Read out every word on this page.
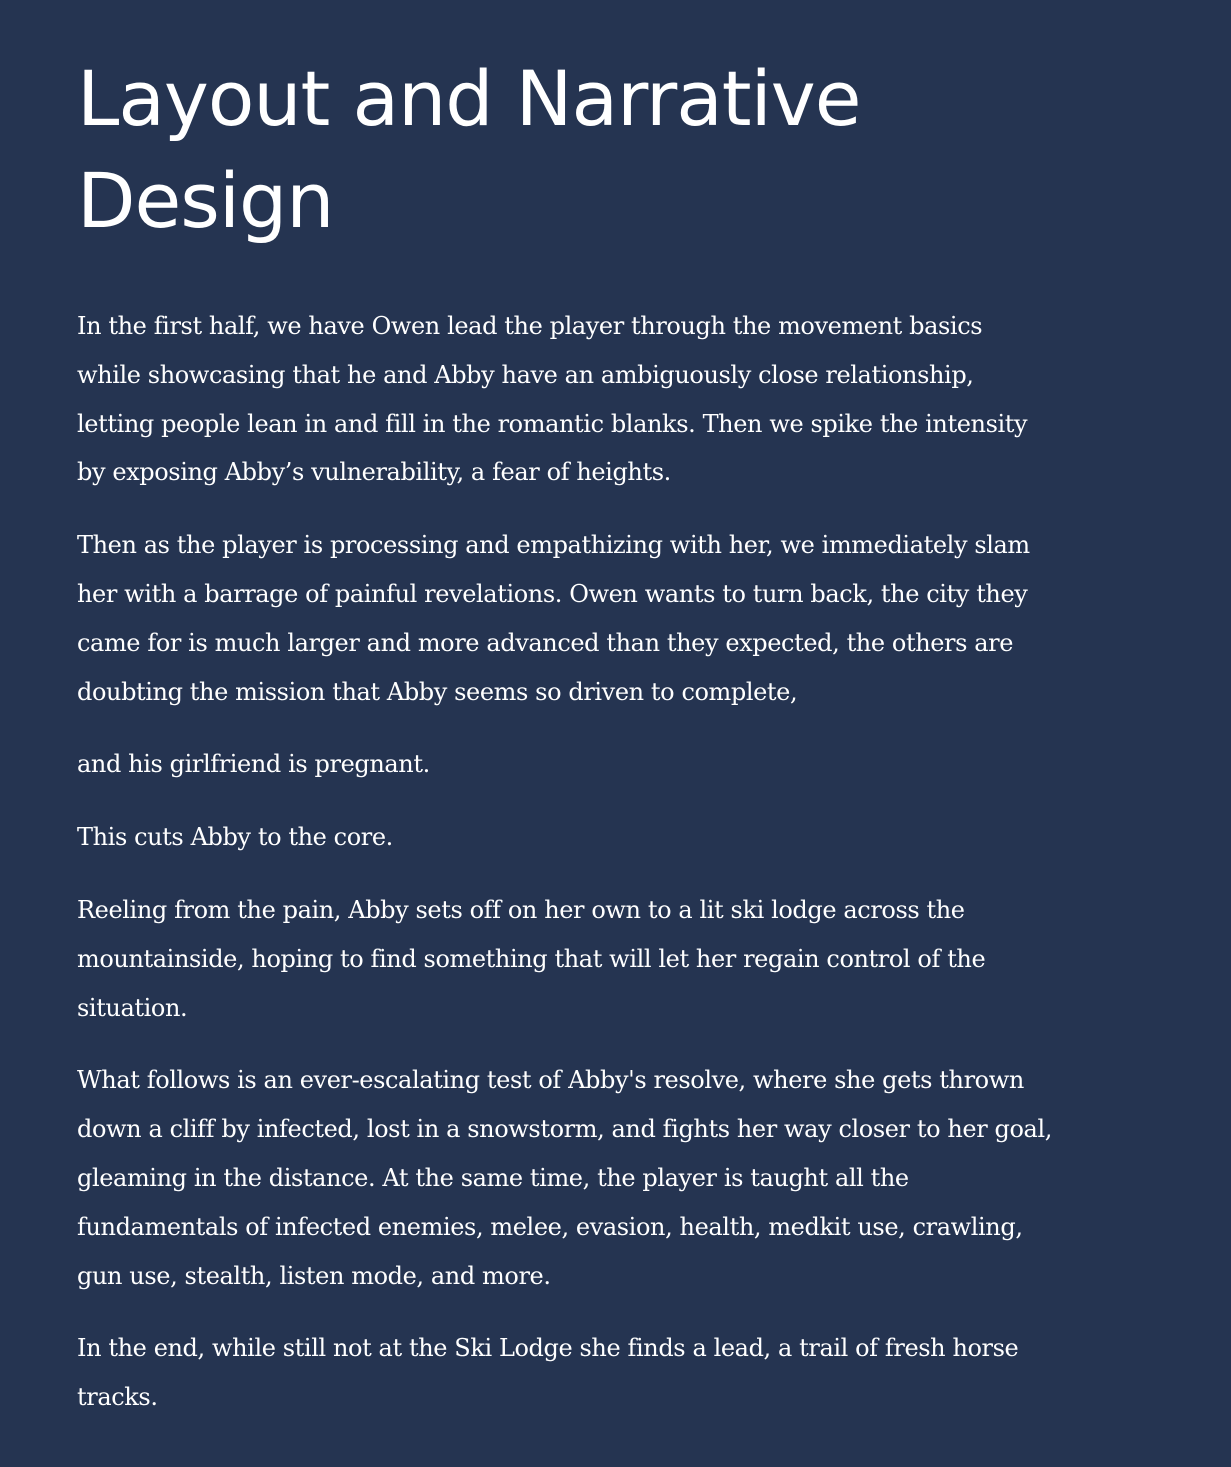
Layout and Narrative Design

In the first half, we have Owen lead the player through the movement basics while showcasing that he and Abby have an ambiguously close relationship, letting people lean in and fill in the romantic blanks. Then we spike the intensity by exposing Abby’s vulnerability, a fear of heights.

Then as the player is processing and empathizing with her, we immediately slam her with a barrage of painful revelations. Owen wants to turn back, the city they came for is much larger and more advanced than they expected, the others are doubting the mission that Abby seems so driven to complete,

and his girlfriend is pregnant.

This cuts Abby to the core.

Reeling from the pain, Abby sets off on her own to a lit ski lodge across the mountainside, hoping to find something that will let her regain control of the situation.

What follows is an ever-escalating test of Abby's resolve, where she gets thrown down a cliff by infected, lost in a snowstorm, and fights her way closer to her goal, gleaming in the distance. At the same time, the player is taught all the fundamentals of infected enemies, melee, evasion, health, medkit use, crawling, gun use, stealth, listen mode, and more.

In the end, while still not at the Ski Lodge she finds a lead, a trail of fresh horse tracks.
